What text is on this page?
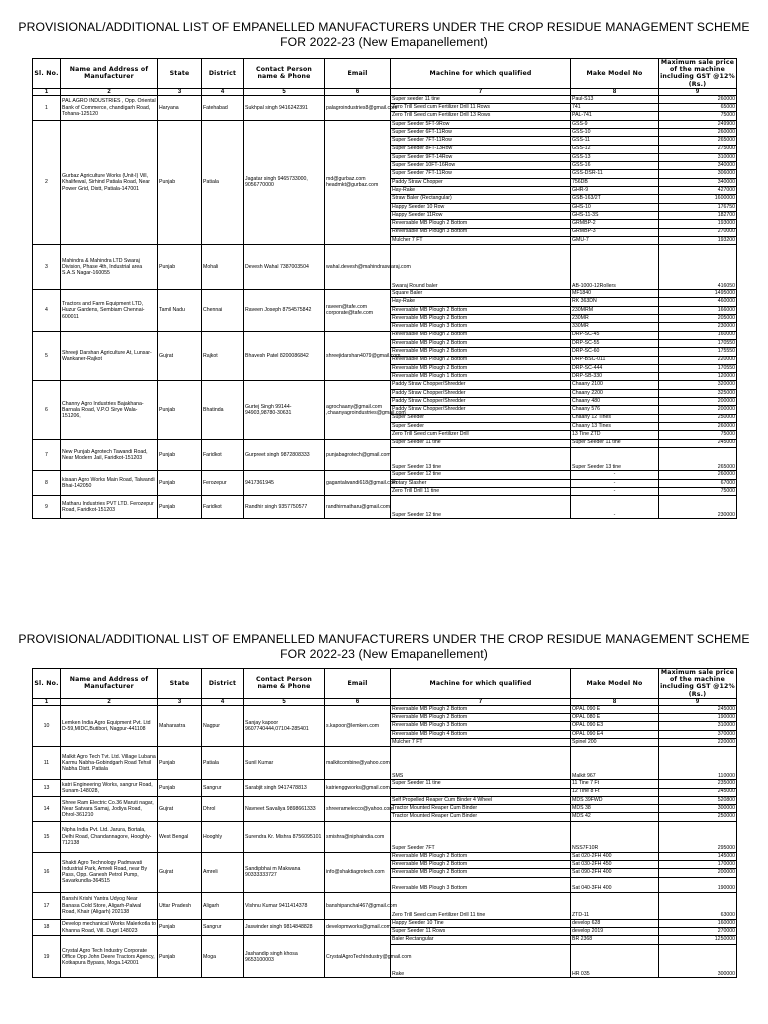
PROVISIONAL/ADDITIONAL LIST OF EMPANELLED MANUFACTURERS UNDER THE CROP RESIDUE MANAGEMENT SCHEME
FOR 2022-23 (New Emapanellement)
Sl. No.	Name and Address of Manufacturer	State	District	Contact Person name & Phone	Email	Machine for which qualified	Make Model No	Maximum sale price of the machine including GST @12%(Rs.)
1	2	3	4	5	6	7	8	9
1	PAL AGRO INDUSTRIES , Opp. Oriental Bank of Commerce, chandigarh Road, Tohana-125120	Haryana	Fatehabad	Sukhpal singh 9416242391	palagroindustries8@gmail.com	Super seeder 11 tine	Paul-S13	260000
						Zero Trill Seed cum Fertilizer Drill 11 Rows	741	65000
						Zero Trill Seed cum Fertilizer Drill 13 Rows	PAL-741	75000
2	Gurbaz Agriculture Works (Unit-I) Vill, Khalifewal, Sirhind Patiala Road, Near Power Grid, Distt, Patiala-147001	Punjab	Patiala	Jagatar singh 9465733000, 9056770000	md@gurbaz.com headmkt@gurbaz.com	Super Seeder 5FT-9Row	GSS-9	249900
						Super Seeder 6FT-11Row	GSS-10	260000
						Super Seeder 7FT-11Row	GSS-11	265000
						Super Seeder 8FT-13Row	GSS-12	275000
						Super Seeder 9FT-14Row	GSS-13	310000
						Super Seeder 10FT-16Row	GSS-16	340000
						Super Seeder 7FT-11Row	GSS-DSR-11	306000
						Paddy Straw Chopper	756DB	340000
						Hay-Rake	GHR-9	427000
						Straw Baler (Rectangular)	GSB-163/2T	1600000
						Happy Seeder 10 Row	GHS-10	176750
						Happy Seeder 11Row	GHS-11-3S	182700
						Reversable MB Plough 2 Bottom	GRMBP-2	193000
						Reversable MB Plough 3 Bottom	GRMBP-3	270000
						Mulcher 7 FT	GMU-7	193200
3	Mahindra & Mahindra LTD Swaraj Division, Phase 4th, Industrial area S.A.S Nagar-160055	Punjab	Mohali	Devesh Wahal 7387003504	wahal.devesh@mahindraswaraj.com	Swaraj Round baler	AB-1000-12Rollers	416050
4	Tractors and Farm Equipment LTD, Huzur Gardens, Sembiam Chennai-600011	Tamil Nadu	Chennai	Raveen Joseph 8754575842	raveen@tafe.com corporate@tafe.com	Square Baler	MF1840	1495000
						Hay-Rake	RK 363DN	460000
						Reversable MB Plough 2 Bottom	230MRM	166000
						Reversable MB Plough 2 Bottom	230MR	205000
						Reversable MB Plough 3 Bottom	330MR	230000
5	Shreeji Darshan Agriculture At, Lunsar-Wankaner-Rajkot	Gujrat	Rajkot	Bhavesh Patel 8200086842	shreejidarshan4079@gmail.com	Reversable MB Plough 2 Bottom	DRP-SC-45	160000
						Reversable MB Plough 2 Bottom	DRP-SC-55	170550
						Reversable MB Plough 2 Bottom	DRP-SC-60	175550
						Reversable MB Plough 2 Bottom	DRP-BSC-011	220000
						Reversable MB Plough 2 Bottom	DRP-SC-444	170550
						Reversable MB Plough 1 Bottom	DRP-SB-330	120000
6	Channy Agro Industries Bajakhana-Barnala Road, V.P.O Sirye Wala-151206,	Punjab	Bhatinda	Gurtej Singh 99144-94903,98780-30631	agrochaany@gmail.com ,chaanyagroindustries@gmail.com	Paddy Straw Chopper/Shredder	Chaany 2100	320000
						Paddy Straw Chopper/Shredder	Chaany 2200	325000
						Paddy Straw Chopper/Shredder	Chaany 480	200000
						Paddy Straw Chopper/Shredder	Chaany 576	200000
						Super Seeder	Chaany 12 Tines	250000
						Super Seeder	Chaany 13 Tines	260000
						Zero Trill Seed cum Fertilizer Drill	13 Tine ZTD	75000
7	New Punjab Agrotech Tawandi Road, Near Modern Jail, Faridkot-151203	Punjab	Faridkot	Gurpreet singh 9872808333	punjabagrotech@gmail.com	Super Seeder 11 tine	Super Seeder 11 tine	245000
						Super Seeder 13 tine	Super Seeder 13 tine	265000
8	kisaan Agro Works Main Road, Talwandi Bhai-142050	Punjab	Ferozepur	9417361945	gagantalwandi618@gmail.com	Super Seeder 12 tine	-	260000
						Rotary Slasher	-	67000
						Zero Trill Drill 11 tine	-	75000
9	Matharu Industries PVT LTD. Ferozepur Road, Faridkot-151203	Punjab	Faridkot	Randhir singh 9357750577	randhirmatharu@gmail.com	Super Seeder 12 tine	-	230000
PROVISIONAL/ADDITIONAL LIST OF EMPANELLED MANUFACTURERS UNDER THE CROP RESIDUE MANAGEMENT SCHEME
FOR 2022-23 (New Emapanellement)
Sl. No.	Name and Address of Manufacturer	State	District	Contact Person name & Phone	Email	Machine for which qualified	Make Model No	Maximum sale price of the machine including GST @12%(Rs.)
1	2	3	4	5	6	7	8	9
10	Lemken India Agro Equipment Pvt. Ltd D-59,MIDC,Butibori, Nagpur-441108	Maharastra	Nagpur	Sanjay kapoor 9607740444,07104-285401	s.kapoor@lemken.com	Reversable MB Plough 2 Bottom	OPAL 090 E	245000
						Reversable MB Plough 2 Bottom	OPAL 080 E	190000
						Reversable MB Plough 3 Bottom	OPAL 090 E3	310000
						Reversable MB Plough 4 Bottom	OPAL 090 E4	370000
						Mulcher 7 FT	Spinel 200	220000
11	Malkit Agro Tech Tvt. Ltd. Village Lubana Karmu Nabha-Gobindgarh Road Tehsil Nabha Distt. Patiala	Punjab	Patiala	Sunil Kumar	malkitcombine@yahoo.com	SMS	Malkit 967	110000
13	katri Engineering Works, sangrur Road, Sunam-148028,	Punjab	Sangrur	Sarabjit singh 9417478813	katrienggworks@gmail.com	Super Seeder 11 tine	11 Tine 7 Ft	235000
							12 Tine 8 Ft	245000
14	Shree Ram Electric Co.36 Maruti nagar, Near Satvara Samaj, Jodiya Road, Dhrol-361210	Gujrat	Dhrol	Navneet Savaliya 9898661333	shreeramelecco@yahoo.com	Self Propelled Reaper Cum Binder 4 Wheel	MDS 39FWD	520800
						Tractor Mounted Reaper Cum Binder	MDS 38	300000
						Tractor Mounted Reaper Cum Binder	MDS 42	250000
15	Nipha India Pvt. Ltd. Jarura, Bortala, Delhi Road, Chandannagore, Hooghly-712138	West Bengal	Hooghly	Surendra Kr. Mishra 8756095101	smishra@niphaindia.com	Super Seeder 7FT	NSS7F10R	295000
16	Shakti Agro Technology Padmavati Industrial Park, Amreli Road, near By Pass, Opp. Ganesh Petrol Pump, Savarkundla-364515	Gujrat	Amreli	Sandipbhai m Makwana 90333333727	info@shaktiagrotech.com	Reversable MB Plough 2 Bottom	Sat 020-2FH 400	145000
						Reversable MB Plough 2 Bottom	Sat 030-2FH 450	170000
						Reversable MB Plough 2 Bottom	Sat 090-2FH 400	200000
						Reversable MB Plough 3 Bottom	Sat 040-3FH 400	190000
17	Banshi Krishi Yantra Udyog Near Banasa Cold Store, Aligarh-Palwal Road, Khair (Aligarh) 202138	Uttar Pradesh	Aligarh	Vishnu Kumar 9411414378	banshipanchal467@gmail.com	Zero Trill Seed cum Fertilizer Drill 11 tine	ZTD-11	63000
18	Develop mechanical Works Malerkotla to Khanna Road, Vill. Dugri 148023	Punjab	Sangrur	Jaswinder singh 9814848828	developmworks@gmail.com	Happy Seeder 10 Tine	develop 628	160000
						Super Seeder 11 Rows	develop 2019	270000
19	Crystal Agro Tech Industry Corporate Office Opp John Deere Tractors Agency, Kotkapura Bypass, Moga.142001	Punjab	Moga	Jashandip singh khosa 9653100003	CrystalAgroTechIndustry@gmail.com	Baler Rectangular	BR 2368	1250000
						Rake	HR 035	300000
